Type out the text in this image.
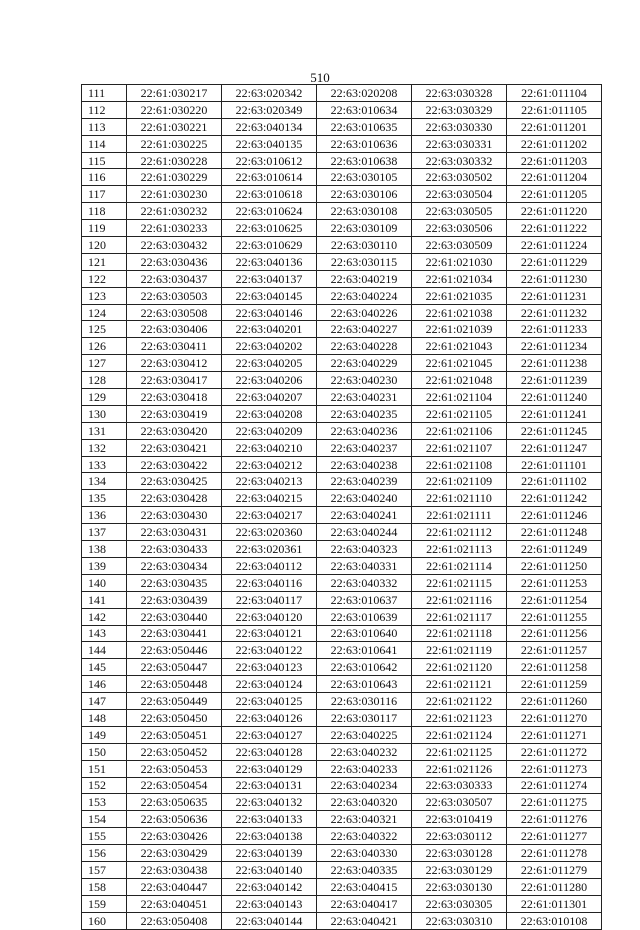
510
111	22:61:030217	22:63:020342	22:63:020208	22:63:030328	22:61:011104
112	22:61:030220	22:63:020349	22:63:010634	22:63:030329	22:61:011105
113	22:61:030221	22:63:040134	22:63:010635	22:63:030330	22:61:011201
114	22:61:030225	22:63:040135	22:63:010636	22:63:030331	22:61:011202
115	22:61:030228	22:63:010612	22:63:010638	22:63:030332	22:61:011203
116	22:61:030229	22:63:010614	22:63:030105	22:63:030502	22:61:011204
117	22:61:030230	22:63:010618	22:63:030106	22:63:030504	22:61:011205
118	22:61:030232	22:63:010624	22:63:030108	22:63:030505	22:61:011220
119	22:61:030233	22:63:010625	22:63:030109	22:63:030506	22:61:011222
120	22:63:030432	22:63:010629	22:63:030110	22:63:030509	22:61:011224
121	22:63:030436	22:63:040136	22:63:030115	22:61:021030	22:61:011229
122	22:63:030437	22:63:040137	22:63:040219	22:61:021034	22:61:011230
123	22:63:030503	22:63:040145	22:63:040224	22:61:021035	22:61:011231
124	22:63:030508	22:63:040146	22:63:040226	22:61:021038	22:61:011232
125	22:63:030406	22:63:040201	22:63:040227	22:61:021039	22:61:011233
126	22:63:030411	22:63:040202	22:63:040228	22:61:021043	22:61:011234
127	22:63:030412	22:63:040205	22:63:040229	22:61:021045	22:61:011238
128	22:63:030417	22:63:040206	22:63:040230	22:61:021048	22:61:011239
129	22:63:030418	22:63:040207	22:63:040231	22:61:021104	22:61:011240
130	22:63:030419	22:63:040208	22:63:040235	22:61:021105	22:61:011241
131	22:63:030420	22:63:040209	22:63:040236	22:61:021106	22:61:011245
132	22:63:030421	22:63:040210	22:63:040237	22:61:021107	22:61:011247
133	22:63:030422	22:63:040212	22:63:040238	22:61:021108	22:61:011101
134	22:63:030425	22:63:040213	22:63:040239	22:61:021109	22:61:011102
135	22:63:030428	22:63:040215	22:63:040240	22:61:021110	22:61:011242
136	22:63:030430	22:63:040217	22:63:040241	22:61:021111	22:61:011246
137	22:63:030431	22:63:020360	22:63:040244	22:61:021112	22:61:011248
138	22:63:030433	22:63:020361	22:63:040323	22:61:021113	22:61:011249
139	22:63:030434	22:63:040112	22:63:040331	22:61:021114	22:61:011250
140	22:63:030435	22:63:040116	22:63:040332	22:61:021115	22:61:011253
141	22:63:030439	22:63:040117	22:63:010637	22:61:021116	22:61:011254
142	22:63:030440	22:63:040120	22:63:010639	22:61:021117	22:61:011255
143	22:63:030441	22:63:040121	22:63:010640	22:61:021118	22:61:011256
144	22:63:050446	22:63:040122	22:63:010641	22:61:021119	22:61:011257
145	22:63:050447	22:63:040123	22:63:010642	22:61:021120	22:61:011258
146	22:63:050448	22:63:040124	22:63:010643	22:61:021121	22:61:011259
147	22:63:050449	22:63:040125	22:63:030116	22:61:021122	22:61:011260
148	22:63:050450	22:63:040126	22:63:030117	22:61:021123	22:61:011270
149	22:63:050451	22:63:040127	22:63:040225	22:61:021124	22:61:011271
150	22:63:050452	22:63:040128	22:63:040232	22:61:021125	22:61:011272
151	22:63:050453	22:63:040129	22:63:040233	22:61:021126	22:61:011273
152	22:63:050454	22:63:040131	22:63:040234	22:63:030333	22:61:011274
153	22:63:050635	22:63:040132	22:63:040320	22:63:030507	22:61:011275
154	22:63:050636	22:63:040133	22:63:040321	22:63:010419	22:61:011276
155	22:63:030426	22:63:040138	22:63:040322	22:63:030112	22:61:011277
156	22:63:030429	22:63:040139	22:63:040330	22:63:030128	22:61:011278
157	22:63:030438	22:63:040140	22:63:040335	22:63:030129	22:61:011279
158	22:63:040447	22:63:040142	22:63:040415	22:63:030130	22:61:011280
159	22:63:040451	22:63:040143	22:63:040417	22:63:030305	22:61:011301
160	22:63:050408	22:63:040144	22:63:040421	22:63:030310	22:63:010108
